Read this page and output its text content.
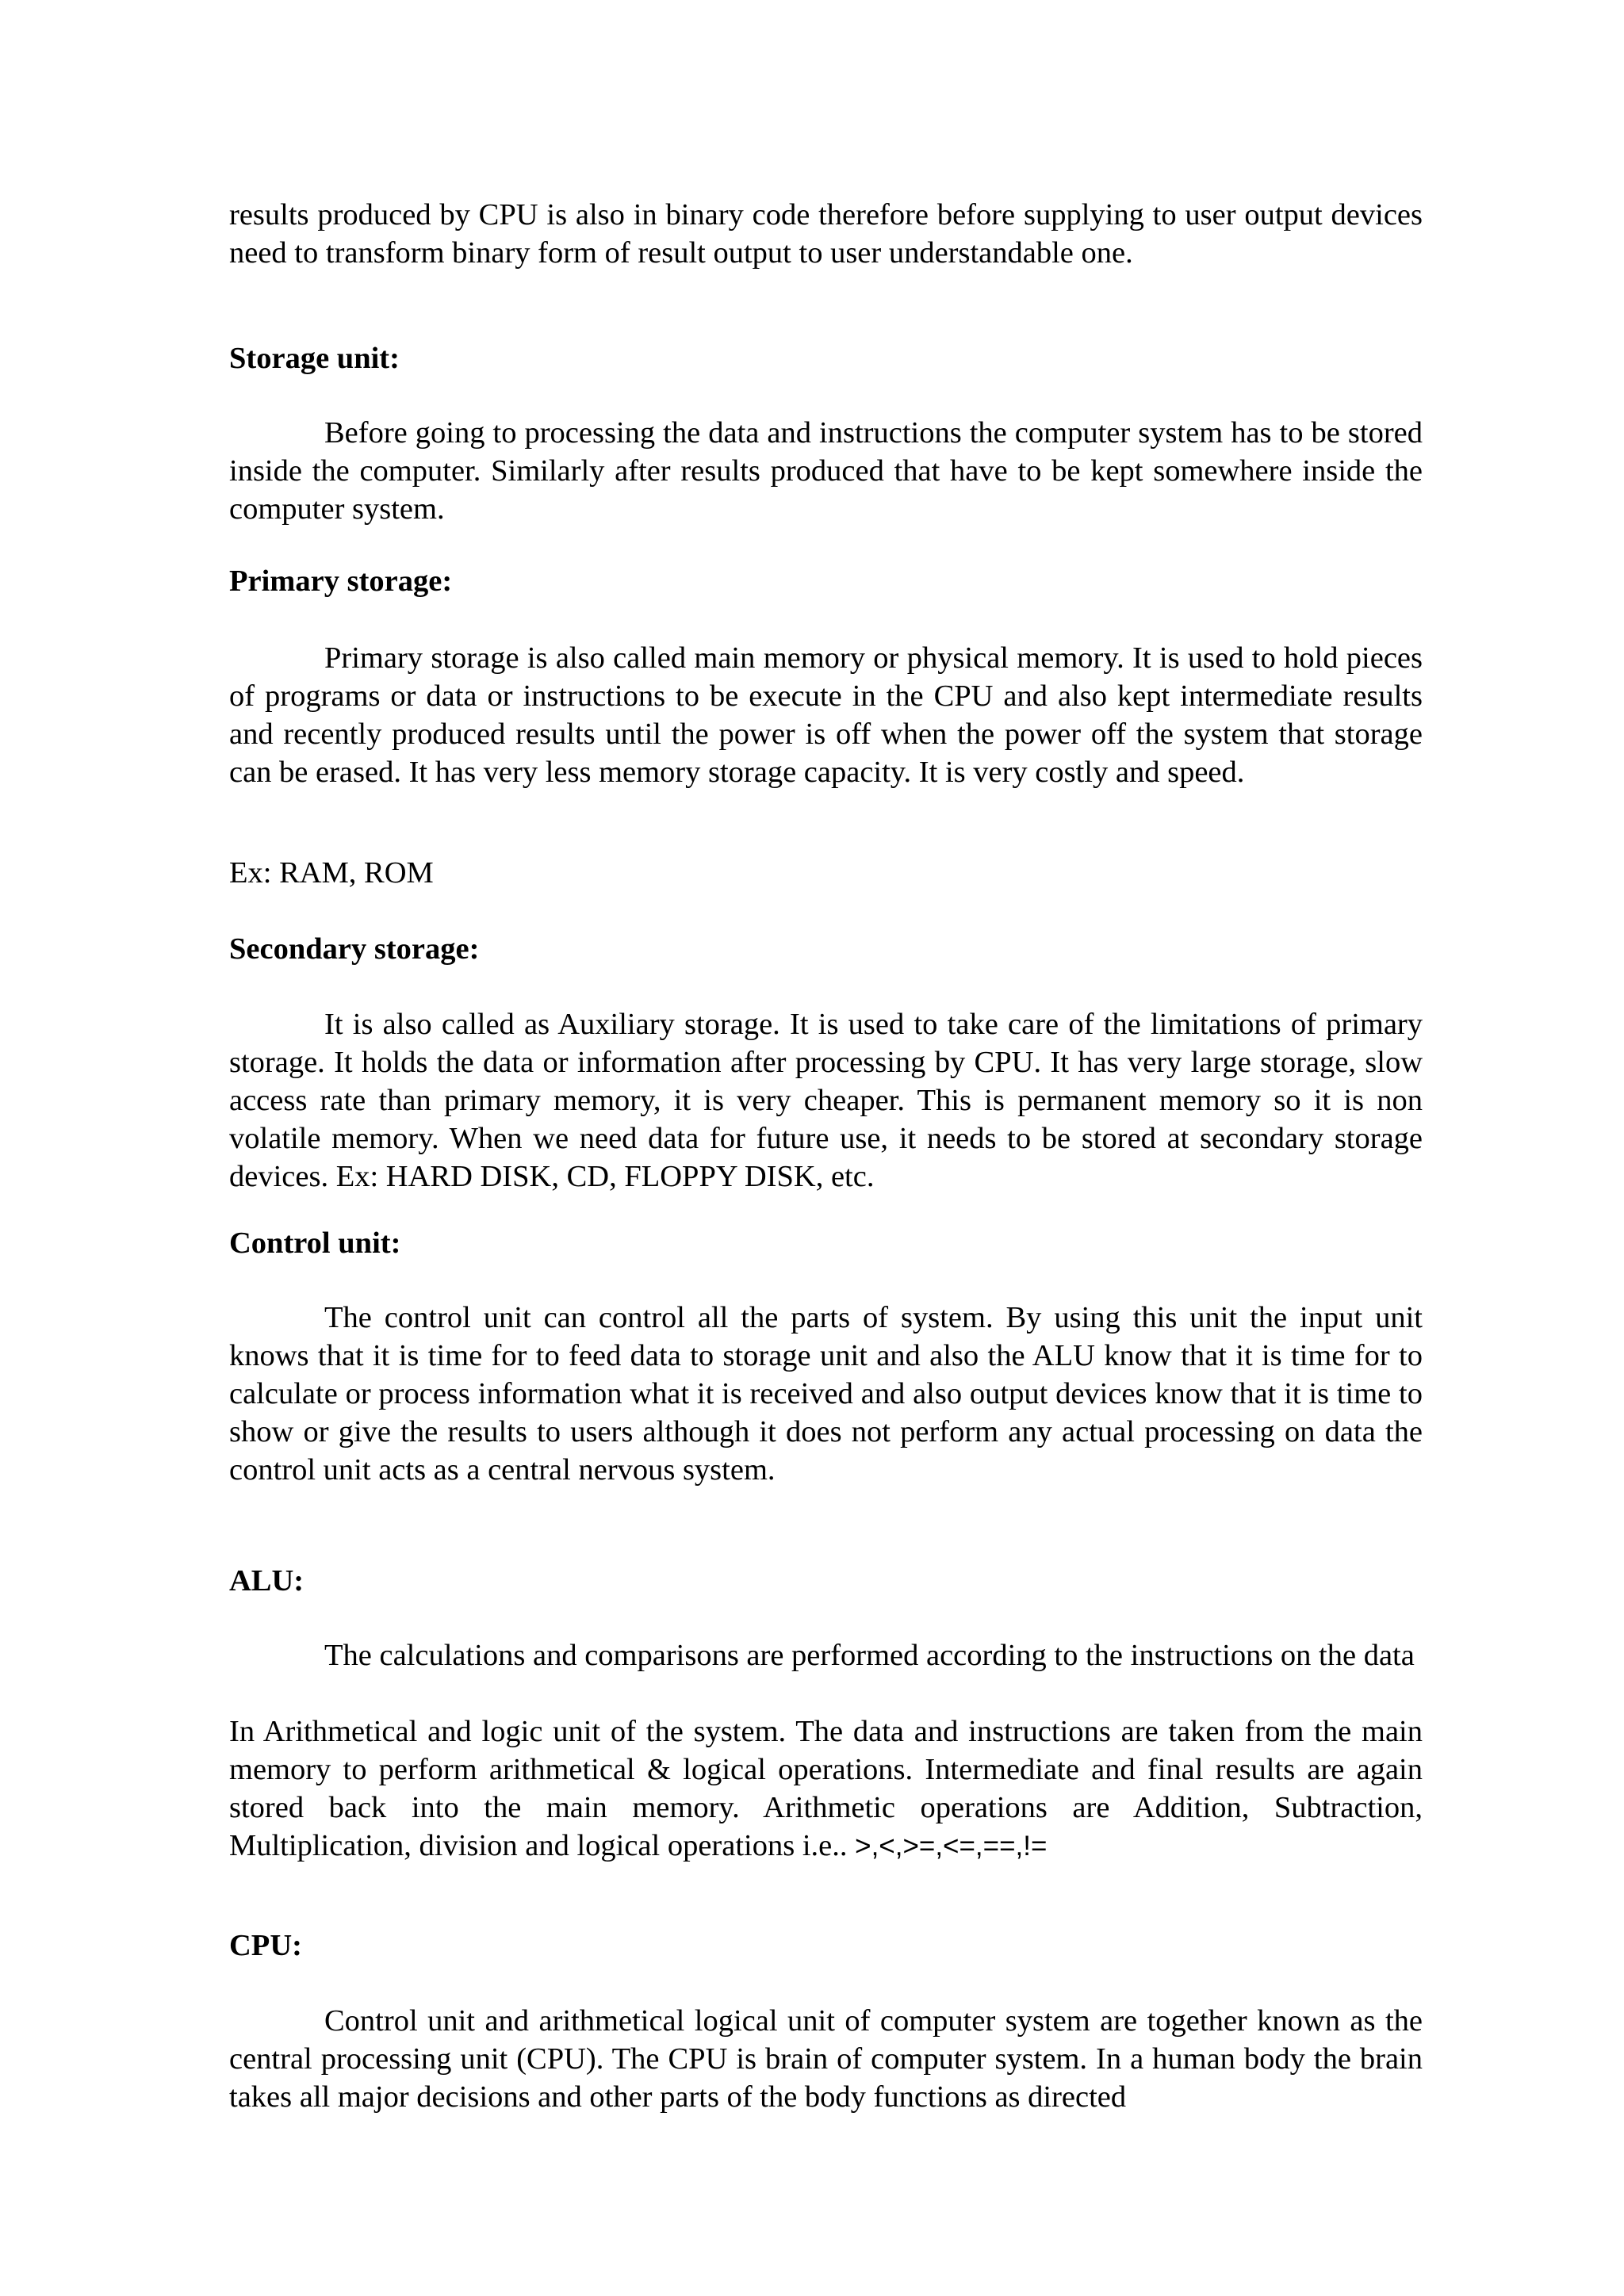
results produced by CPU is also in binary code therefore before supplying to user output devices need to transform binary form of result output to user understandable one.

Storage unit:

Before going to processing the data and instructions the computer system has to be stored inside the computer. Similarly after results produced that have to be kept somewhere inside the computer system.

Primary storage:

Primary storage is also called main memory or physical memory. It is used to hold pieces of programs or data or instructions to be execute in the CPU and also kept intermediate results and recently produced results until the power is off when the power off the system that storage can be erased. It has very less memory storage capacity. It is very costly and speed.

Ex: RAM, ROM

Secondary storage:

It is also called as Auxiliary storage. It is used to take care of the limitations of primary storage. It holds the data or information after processing by CPU. It has very large storage, slow access rate than primary memory, it is very cheaper. This is permanent memory so it is non volatile memory. When we need data for future use, it needs to be stored at secondary storage devices. Ex: HARD DISK, CD, FLOPPY DISK, etc.

Control unit:

The control unit can control all the parts of system. By using this unit the input unit knows that it is time for to feed data to storage unit and also the ALU know that it is time for to calculate or process information what it is received and also output devices know that it is time to show or give the results to users although it does not perform any actual processing on data the control unit acts as a central nervous system.

ALU:

The calculations and comparisons are performed according to the instructions on the data

In Arithmetical and logic unit of the system. The data and instructions are taken from the main memory to perform arithmetical & logical operations. Intermediate and final results are again stored back into the main memory. Arithmetic operations are Addition, Subtraction, Multiplication, division and logical operations i.e.. >,<,>=,<=,==,!=

CPU:

Control unit and arithmetical logical unit of computer system are together known as the central processing unit (CPU). The CPU is brain of computer system. In a human body the brain takes all major decisions and other parts of the body functions as directed
